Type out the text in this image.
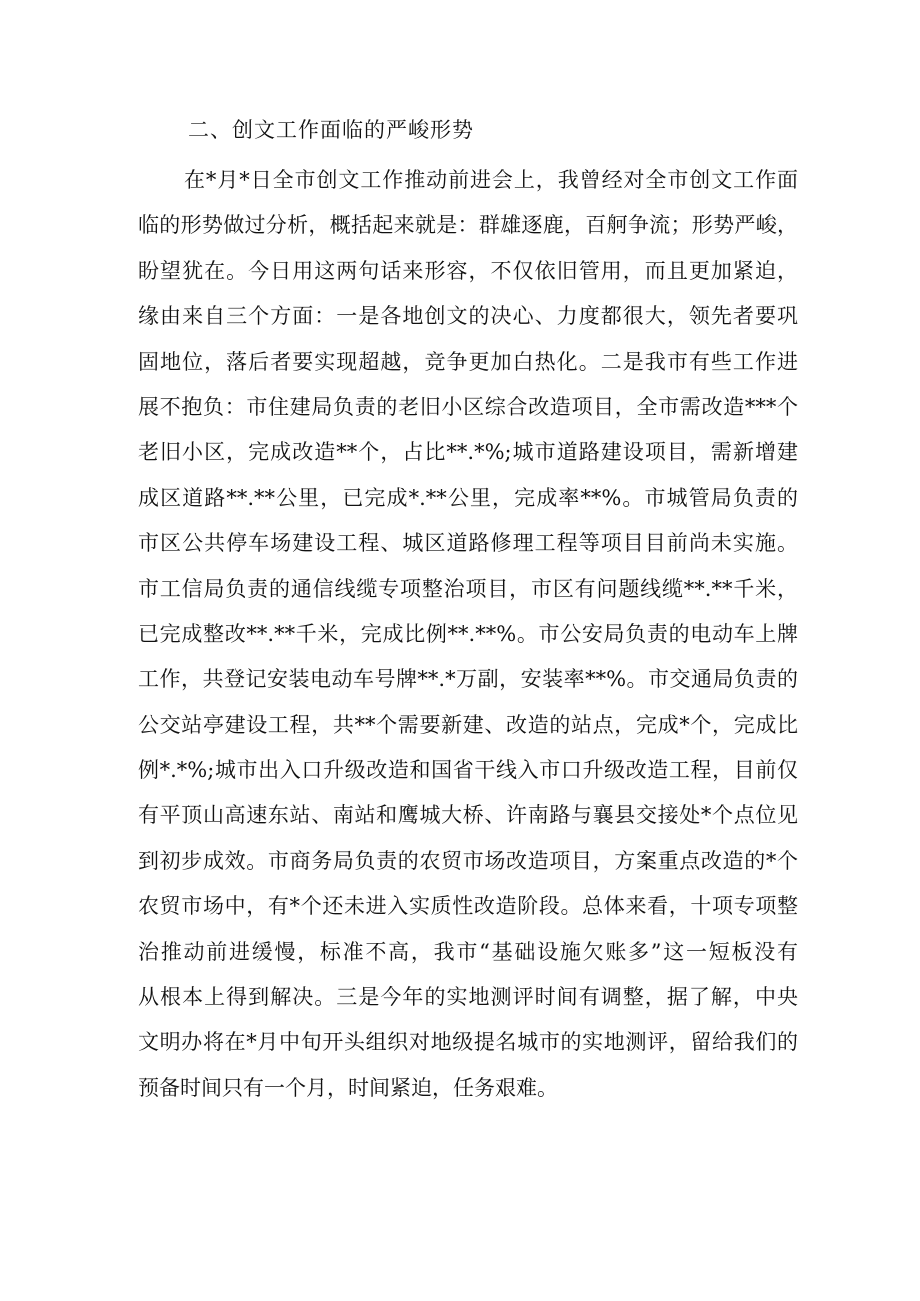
二、创文工作面临的严峻形势
在*月*日全市创文工作推动前进会上，我曾经对全市创文工作面
临的形势做过分析，概括起来就是：群雄逐鹿，百舸争流；形势严峻，
盼望犹在。今日用这两句话来形容，不仅依旧管用，而且更加紧迫，
缘由来自三个方面：一是各地创文的决心、力度都很大，领先者要巩
固地位，落后者要实现超越，竞争更加白热化。二是我市有些工作进
展不抱负：市住建局负责的老旧小区综合改造项目，全市需改造***个
老旧小区，完成改造**个，占比**.*%;城市道路建设项目，需新增建
成区道路**.**公里，已完成*.**公里，完成率**%。市城管局负责的
市区公共停车场建设工程、城区道路修理工程等项目目前尚未实施。
市工信局负责的通信线缆专项整治项目，市区有问题线缆**.**千米，
已完成整改**.**千米，完成比例**.**%。市公安局负责的电动车上牌
工作，共登记安装电动车号牌**.*万副，安装率**%。市交通局负责的
公交站亭建设工程，共**个需要新建、改造的站点，完成*个，完成比
例*.*%;城市出入口升级改造和国省干线入市口升级改造工程，目前仅
有平顶山高速东站、南站和鹰城大桥、许南路与襄县交接处*个点位见
到初步成效。市商务局负责的农贸市场改造项目，方案重点改造的*个
农贸市场中，有*个还未进入实质性改造阶段。总体来看，十项专项整
治推动前进缓慢，标准不高，我市“基础设施欠账多”这一短板没有
从根本上得到解决。三是今年的实地测评时间有调整，据了解，中央
文明办将在*月中旬开头组织对地级提名城市的实地测评，留给我们的
预备时间只有一个月，时间紧迫，任务艰难。
